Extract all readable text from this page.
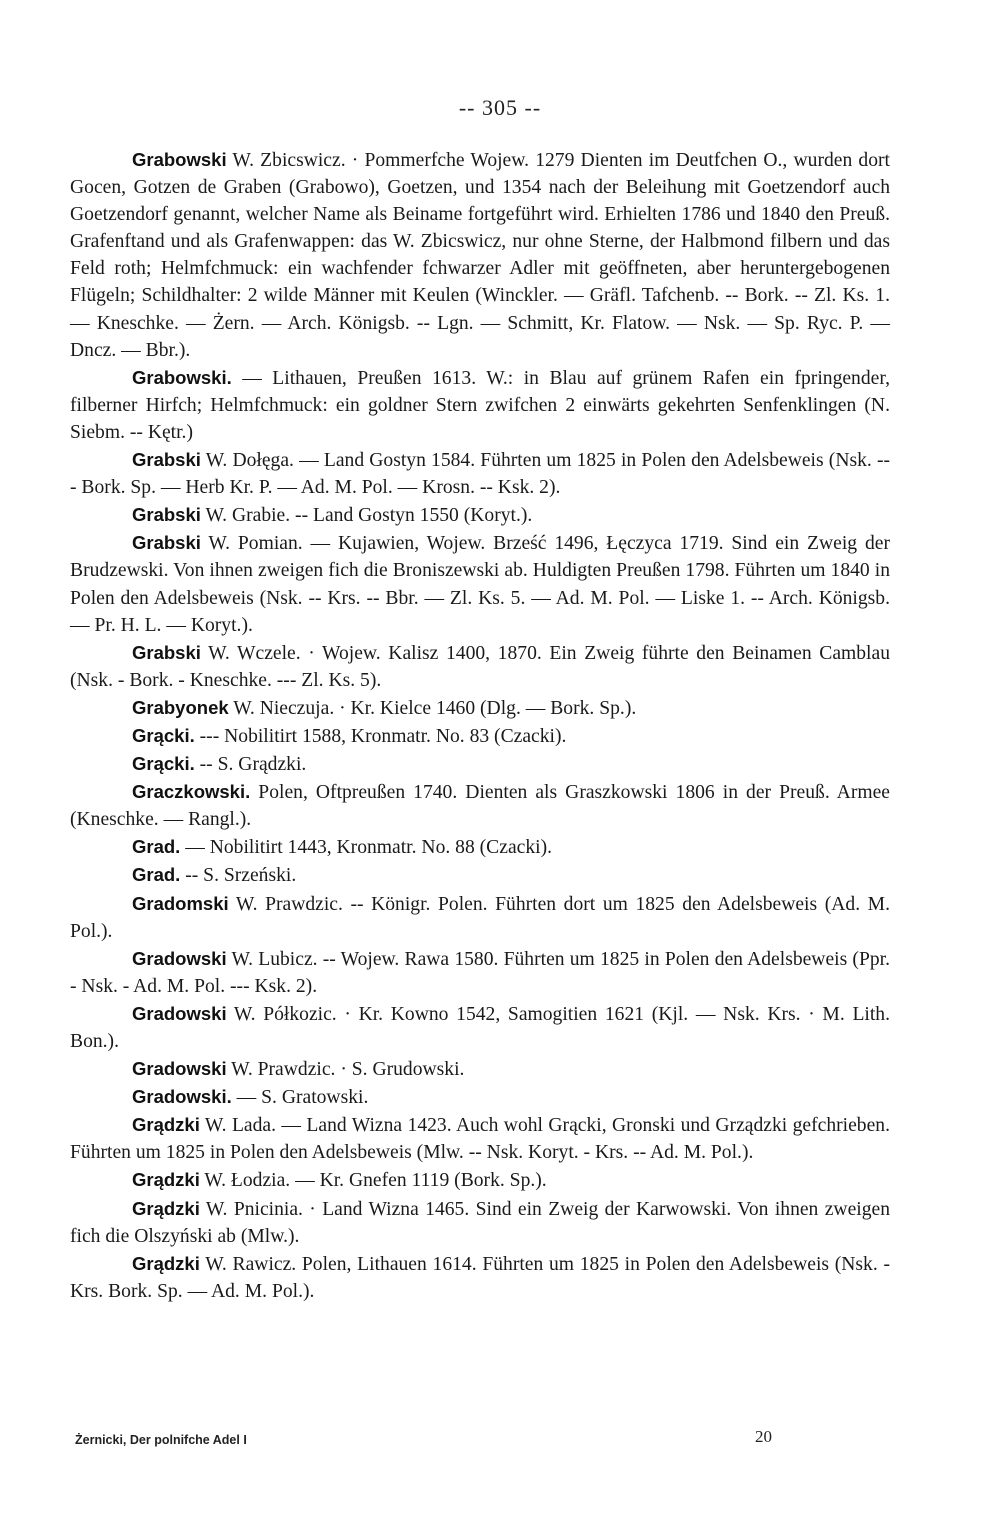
-- 305 --

Grabowski W. Zbicswicz. · Pommerfche Wojew. 1279 Dienten im Deutfchen O., wurden dort Gocen, Gotzen de Graben (Grabowo), Goetzen, und 1354 nach der Beleihung mit Goetzendorf auch Goetzendorf genannt, welcher Name als Beiname fortgeführt wird. Erhielten 1786 und 1840 den Preuß. Grafenftand und als Grafenwappen: das W. Zbicswicz, nur ohne Sterne, der Halbmond filbern und das Feld roth; Helmfchmuck: ein wachfender fchwarzer Adler mit geöffneten, aber heruntergebogenen Flügeln; Schildhalter: 2 wilde Männer mit Keulen (Winckler. — Gräfl. Tafchenb. -- Bork. -- Zl. Ks. 1. — Kneschke. — Żern. — Arch. Königsb. -- Lgn. — Schmitt, Kr. Flatow. — Nsk. — Sp. Ryc. P. — Dncz. — Bbr.).

Grabowski. — Lithauen, Preußen 1613. W.: in Blau auf grünem Rafen ein fpringender, filberner Hirfch; Helmfchmuck: ein goldner Stern zwifchen 2 einwärts gekehrten Senfenklingen (N. Siebm. -- Kętr.)

Grabski W. Dołęga. — Land Gostyn 1584. Führten um 1825 in Polen den Adelsbeweis (Nsk. --- Bork. Sp. — Herb Kr. P. — Ad. M. Pol. — Krosn. -- Ksk. 2).

Grabski W. Grabie. -- Land Gostyn 1550 (Koryt.).

Grabski W. Pomian. — Kujawien, Wojew. Brześć 1496, Łęczyca 1719. Sind ein Zweig der Brudzewski. Von ihnen zweigen fich die Broniszewski ab. Huldigten Preußen 1798. Führten um 1840 in Polen den Adelsbeweis (Nsk. -- Krs. -- Bbr. — Zl. Ks. 5. — Ad. M. Pol. — Liske 1. -- Arch. Königsb. — Pr. H. L. — Koryt.).

Grabski W. Wczele. · Wojew. Kalisz 1400, 1870. Ein Zweig führte den Beinamen Camblau (Nsk. - Bork. - Kneschke. --- Zl. Ks. 5).

Grabyonek W. Nieczuja. · Kr. Kielce 1460 (Dlg. — Bork. Sp.).

Grącki. --- Nobilitirt 1588, Kronmatr. No. 83 (Czacki).

Grącki. -- S. Grądzki.

Graczkowski. Polen, Oftpreußen 1740. Dienten als Graszkowski 1806 in der Preuß. Armee (Kneschke. — Rangl.).

Grad. — Nobilitirt 1443, Kronmatr. No. 88 (Czacki).

Grad. -- S. Srzeński.

Gradomski W. Prawdzic. -- Königr. Polen. Führten dort um 1825 den Adelsbeweis (Ad. M. Pol.).

Gradowski W. Lubicz. -- Wojew. Rawa 1580. Führten um 1825 in Polen den Adelsbeweis (Ppr. - Nsk. - Ad. M. Pol. --- Ksk. 2).

Gradowski W. Półkozic. · Kr. Kowno 1542, Samogitien 1621 (Kjl. — Nsk. Krs. · M. Lith. Bon.).

Gradowski W. Prawdzic. · S. Grudowski.

Gradowski. — S. Gratowski.

Grądzki W. Lada. — Land Wizna 1423. Auch wohl Grącki, Gronski und Grządzki gefchrieben. Führten um 1825 in Polen den Adelsbeweis (Mlw. -- Nsk. Koryt. - Krs. -- Ad. M. Pol.).

Grądzki W. Łodzia. — Kr. Gnefen 1119 (Bork. Sp.).

Grądzki W. Pnicinia. · Land Wizna 1465. Sind ein Zweig der Karwowski. Von ihnen zweigen fich die Olszyński ab (Mlw.).

Grądzki W. Rawicz. Polen, Lithauen 1614. Führten um 1825 in Polen den Adelsbeweis (Nsk. - Krs. Bork. Sp. — Ad. M. Pol.).

Żernicki, Der polnifche Adel I	20
